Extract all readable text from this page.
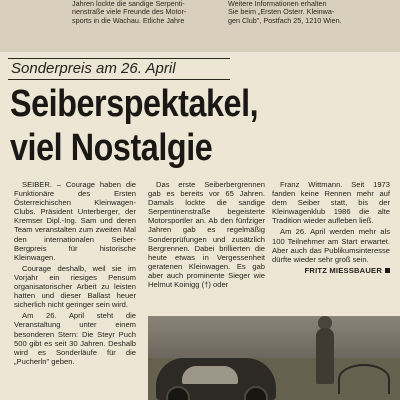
Jahren lockte die sandige Serpenti-
nenstraße viele Freunde des Motor-
sports in die Wachau. Etliche Jahre
Weitere Informationen erhalten
Sie beim „Ersten Österr. Kleinwa-
gen Club", Postfach 25, 1210 Wien.
Sonderpreis am 26. April
Seiberspektakel,
viel Nostalgie

SEIBER. – Courage haben die Funktionäre des Ersten Österreichischen Kleinwagen-Clubs. Präsident Unterberger, der Kremser Dipl.-Ing. Sam und deren Team veranstalten zum zweiten Mal den internationalen Seiber-Bergpreis für historische Kleinwagen.

Courage deshalb, weil sie im Vorjahr ein riesiges Pensum organisatorischer Arbeit zu leisten hatten und dieser Ballast heuer sicherlich nicht geringer sein wird.

Am 26. April steht die Veranstaltung unter einem besonderen Stern: Die Steyr Puch 500 gibt es seit 30 Jahren. Deshalb wird es Sonderläufe für die „Pucherln" geben.

Das erste Seiberbergrennen gab es bereits vor 65 Jahren. Damals lockte die sandige Serpentinenstraße begeisterte Motorsportler an. Ab den fünfziger Jahren gab es regelmäßig Sonderprüfungen und zusätzlich Bergrennen. Dabei brillierten die heute etwas in Vergessenheit geratenen Kleinwagen. Es gab aber auch prominente Sieger wie Helmut Koinigg (†) oder

Franz Wittmann. Seit 1973 fanden keine Rennen mehr auf dem Seiber statt, bis der Kleinwagenklub 1986 die alte Tradition wieder aufleben ließ.

Am 26. April werden mehr als 100 Teilnehmer am Start erwartet. Aber auch das Publikumsinteresse dürfte wieder sehr groß sein.

FRITZ MIESSBAUER
